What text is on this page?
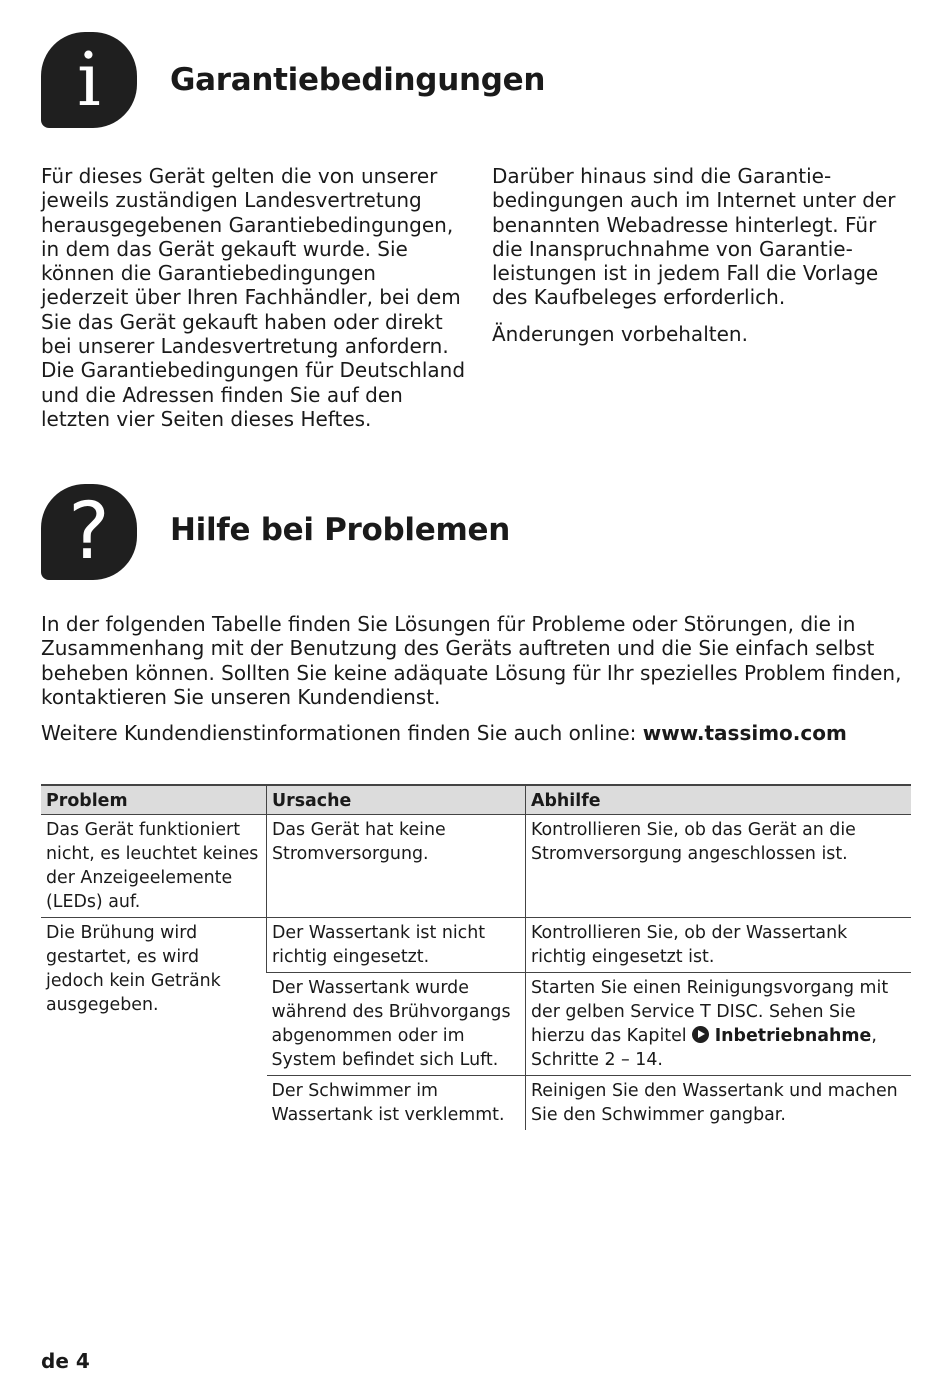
i Garantiebedingungen

Für dieses Gerät gelten die von unserer jeweils zuständigen Landesvertretung herausgegebenen Garantiebedingungen, in dem das Gerät gekauft wurde. Sie können die Garantiebedingungen jederzeit über Ihren Fachhändler, bei dem Sie das Gerät gekauft haben oder direkt bei unserer Landesvertretung anfordern. Die Garantiebedingungen für Deutschland und die Adressen finden Sie auf den letzten vier Seiten dieses Heftes.

Darüber hinaus sind die Garantiebedingungen auch im Internet unter der benannten Webadresse hinterlegt. Für die Inanspruchnahme von Garantieleistungen ist in jedem Fall die Vorlage des Kaufbeleges erforderlich.

Änderungen vorbehalten.

? Hilfe bei Problemen

In der folgenden Tabelle finden Sie Lösungen für Probleme oder Störungen, die in Zusammenhang mit der Benutzung des Geräts auftreten und die Sie einfach selbst beheben können. Sollten Sie keine adäquate Lösung für Ihr spezielles Problem finden, kontaktieren Sie unseren Kundendienst.

Weitere Kundendienstinformationen finden Sie auch online: www.tassimo.com

Problem	Ursache	Abhilfe
Das Gerät funktioniert nicht, es leuchtet keines der Anzeigeelemente (LEDs) auf.	Das Gerät hat keine Stromversorgung.	Kontrollieren Sie, ob das Gerät an die Stromversorgung angeschlossen ist.
Die Brühung wird gestartet, es wird jedoch kein Getränk ausgegeben.	Der Wassertank ist nicht richtig eingesetzt.	Kontrollieren Sie, ob der Wassertank richtig eingesetzt ist.
	Der Wassertank wurde während des Brühvorgangs abgenommen oder im System befindet sich Luft.	Starten Sie einen Reinigungsvorgang mit der gelben Service T DISC. Sehen Sie hierzu das Kapitel  Inbetriebnahme, Schritte 2 – 14.
	Der Schwimmer im Wassertank ist verklemmt.	Reinigen Sie den Wassertank und machen Sie den Schwimmer gangbar.
de 4
